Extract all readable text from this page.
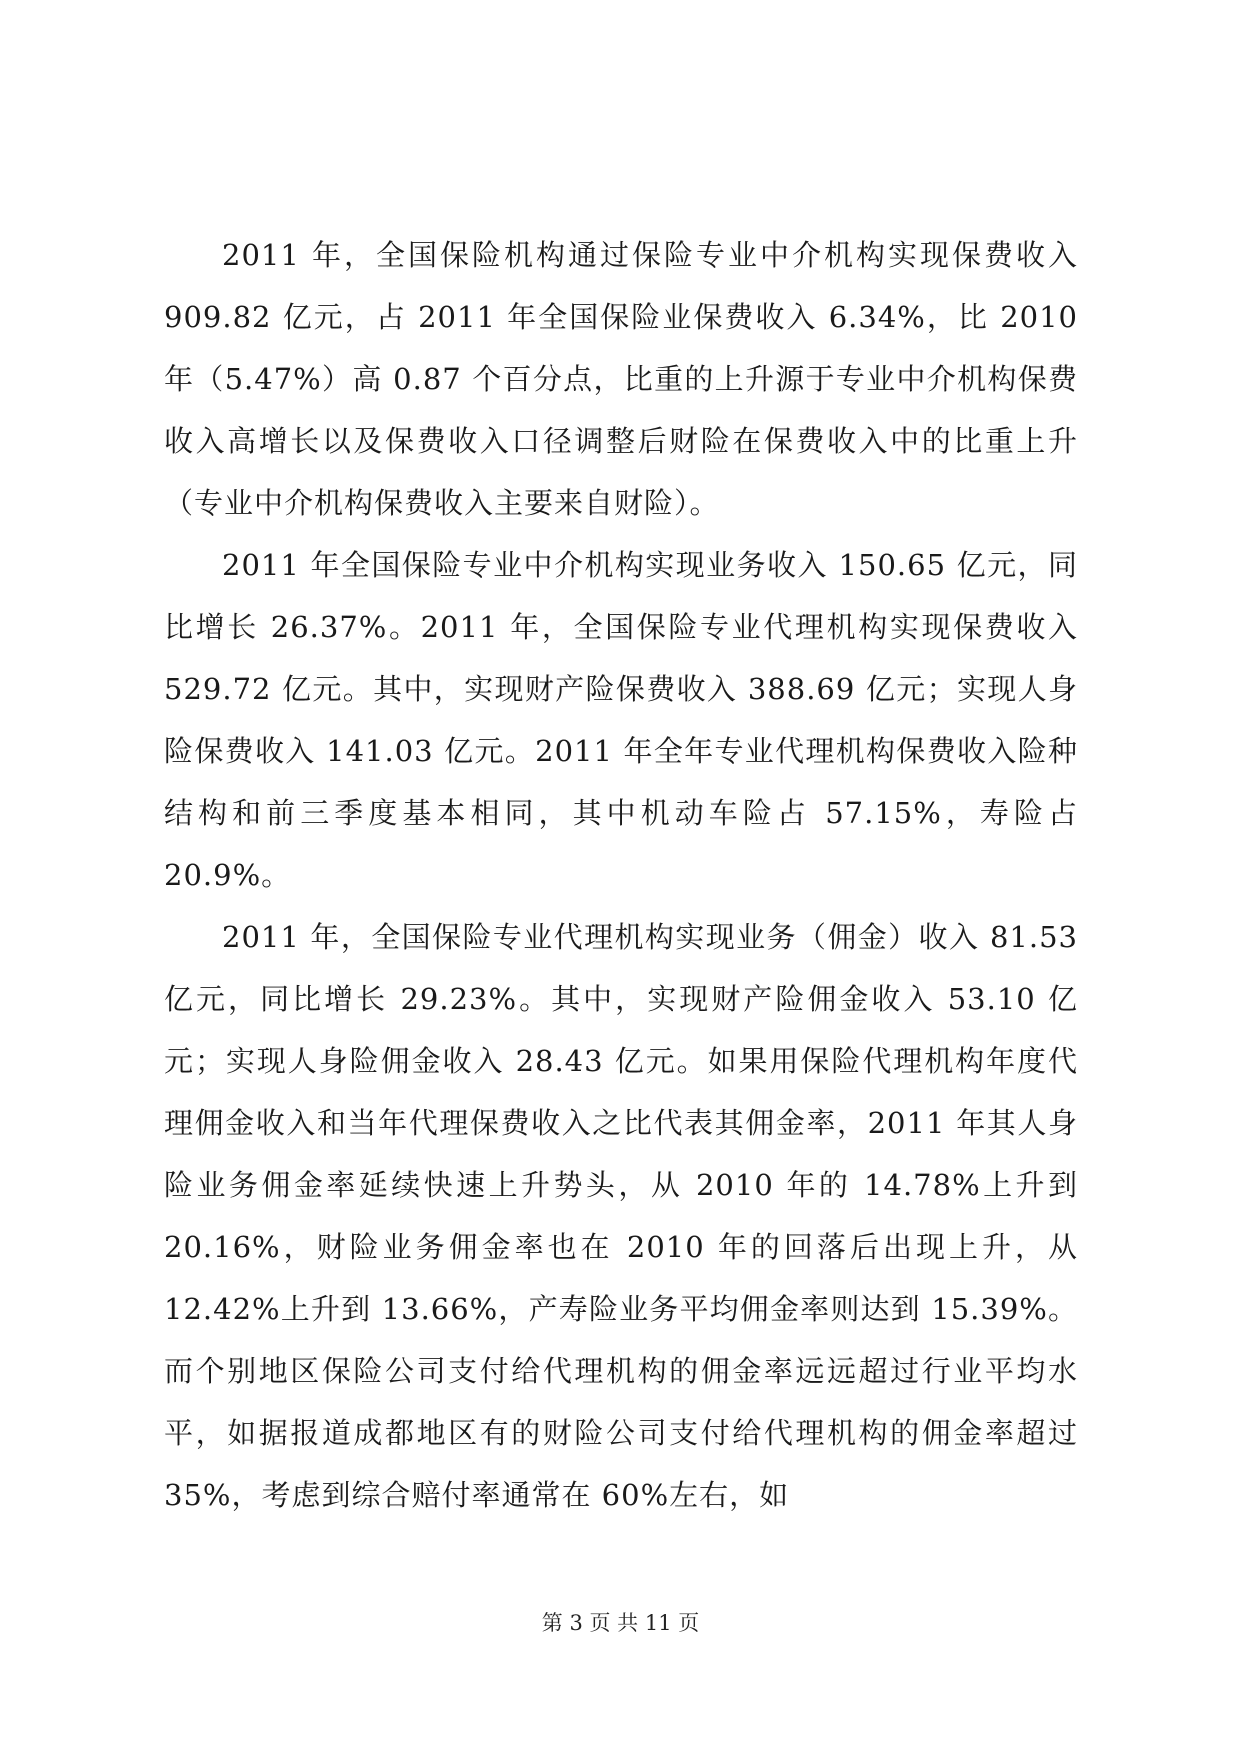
2011 年，全国保险机构通过保险专业中介机构实现保费收入 909.82 亿元，占 2011 年全国保险业保费收入 6.34%，比 2010 年（5.47%）高 0.87 个百分点，比重的上升源于专业中介机构保费收入高增长以及保费收入口径调整后财险在保费收入中的比重上升（专业中介机构保费收入主要来自财险）。

2011 年全国保险专业中介机构实现业务收入 150.65 亿元，同比增长 26.37%。2011 年，全国保险专业代理机构实现保费收入 529.72 亿元。其中，实现财产险保费收入 388.69 亿元；实现人身险保费收入 141.03 亿元。2011 年全年专业代理机构保费收入险种结构和前三季度基本相同，其中机动车险占 57.15%，寿险占 20.9%。

2011 年，全国保险专业代理机构实现业务（佣金）收入 81.53 亿元，同比增长 29.23%。其中，实现财产险佣金收入 53.10 亿元；实现人身险佣金收入 28.43 亿元。如果用保险代理机构年度代理佣金收入和当年代理保费收入之比代表其佣金率，2011 年其人身险业务佣金率延续快速上升势头，从 2010 年的 14.78%上升到 20.16%，财险业务佣金率也在 2010 年的回落后出现上升，从 12.42%上升到 13.66%，产寿险业务平均佣金率则达到 15.39%。而个别地区保险公司支付给代理机构的佣金率远远超过行业平均水平，如据报道成都地区有的财险公司支付给代理机构的佣金率超过 35%，考虑到综合赔付率通常在 60%左右，如

第 3 页 共 11 页
